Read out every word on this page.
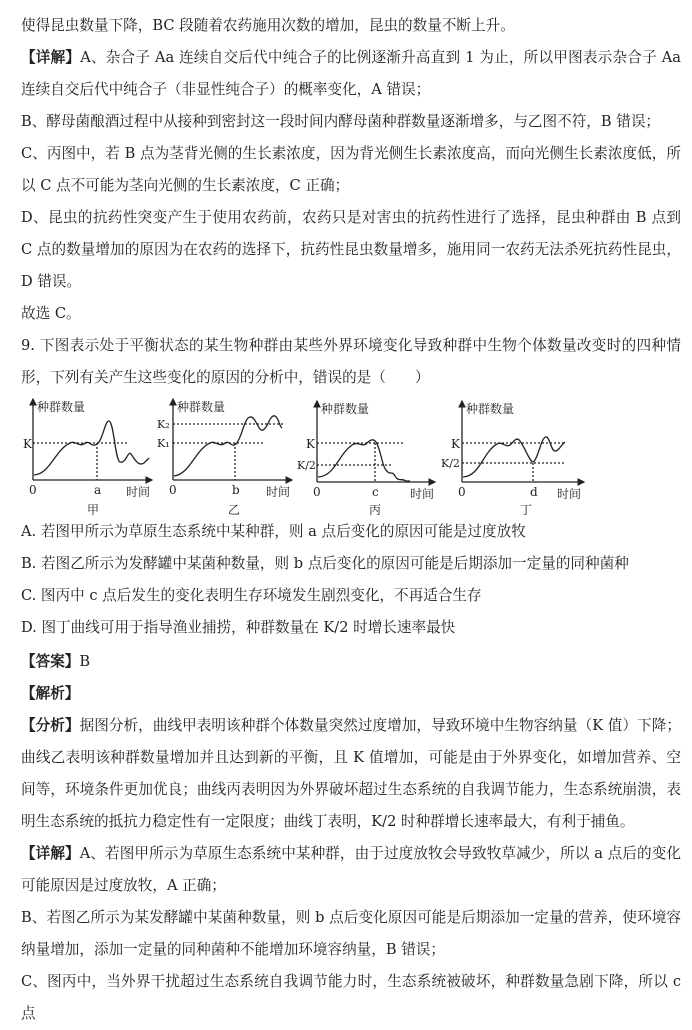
使得昆虫数量下降，BC 段随着农药施用次数的增加，昆虫的数量不断上升。

【详解】A、杂合子 Aa 连续自交后代中纯合子的比例逐渐升高直到 1 为止，所以甲图表示杂合子 Aa 连续自交后代中纯合子（非显性纯合子）的概率变化，A 错误；

B、酵母菌酿酒过程中从接种到密封这一段时间内酵母菌种群数量逐渐增多，与乙图不符，B 错误；

C、丙图中，若 B 点为茎背光侧的生长素浓度，因为背光侧生长素浓度高，而向光侧生长素浓度低，所以 C 点不可能为茎向光侧的生长素浓度，C 正确；

D、昆虫的抗药性突变产生于使用农药前，农药只是对害虫的抗药性进行了选择，昆虫种群由 B 点到 C 点的数量增加的原因为在农药的选择下，抗药性昆虫数量增多，施用同一农药无法杀死抗药性昆虫，D 错误。

故选 C。

9. 下图表示处于平衡状态的某生物种群由某些外界环境变化导致种群中生物个体数量改变时的四种情形，下列有关产生这些变化的原因的分析中，错误的是（　　）

A. 若图甲所示为草原生态系统中某种群，则 a 点后变化的原因可能是过度放牧

B. 若图乙所示为发酵罐中某菌种数量，则 b 点后变化的原因可能是后期添加一定量的同种菌种

C. 图丙中 c 点后发生的变化表明生存环境发生剧烈变化，不再适合生存

D. 图丁曲线可用于指导渔业捕捞，种群数量在 K/2 时增长速率最快

【答案】B

【解析】

【分析】据图分析，曲线甲表明该种群个体数量突然过度增加，导致环境中生物容纳量（K 值）下降；曲线乙表明该种群数量增加并且达到新的平衡，且 K 值增加，可能是由于外界变化，如增加营养、空间等，环境条件更加优良；曲线丙表明因为外界破坏超过生态系统的自我调节能力，生态系统崩溃，表明生态系统的抵抗力稳定性有一定限度；曲线丁表明，K/2 时种群增长速率最大，有利于捕鱼。

【详解】A、若图甲所示为草原生态系统中某种群，由于过度放牧会导致牧草减少，所以 a 点后的变化可能原因是过度放牧，A 正确；

B、若图乙所示为某发酵罐中某菌种数量，则 b 点后变化原因可能是后期添加一定量的营养，使环境容纳量增加，添加一定量的同种菌种不能增加环境容纳量，B 错误；

C、图丙中，当外界干扰超过生态系统自我调节能力时，生态系统被破坏，种群数量急剧下降，所以 c 点

种群数量
K
0	a 时间
甲
种群数量
K₂
K₁
0	b 时间
乙
种群数量
K
K/2
0	c	时间
丙
种群数量
K
K/2
0	d 时间
丁
